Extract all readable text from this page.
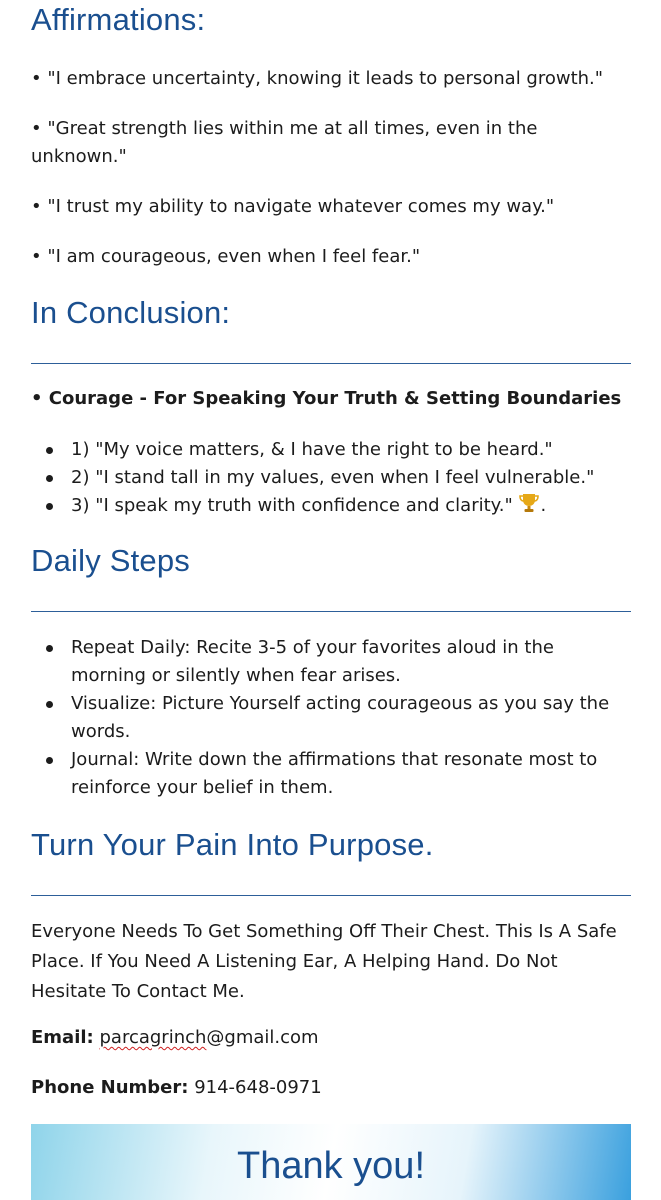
Affirmations:

• "I embrace uncertainty, knowing it leads to personal growth."

• "Great strength lies within me at all times, even in the unknown."

• "I trust my ability to navigate whatever comes my way."

• "I am courageous, even when I feel fear."

In Conclusion:

• Courage - For Speaking Your Truth & Setting Boundaries

1) "My voice matters, & I have the right to be heard."
2) "I stand tall in my values, even when I feel vulnerable."
3) "I speak my truth with confidence and clarity." .
Daily Steps
Repeat Daily: Recite 3-5 of your favorites aloud in the morning or silently when fear arises.
Visualize: Picture Yourself acting courageous as you say the words.
Journal: Write down the affirmations that resonate most to reinforce your belief in them.
Turn Your Pain Into Purpose.

Everyone Needs To Get Something Off Their Chest. This Is A Safe Place. If You Need A Listening Ear, A Helping Hand. Do Not Hesitate To Contact Me.

Email: parcagrinch@gmail.com

Phone Number: 914-648-0971

Thank you!
